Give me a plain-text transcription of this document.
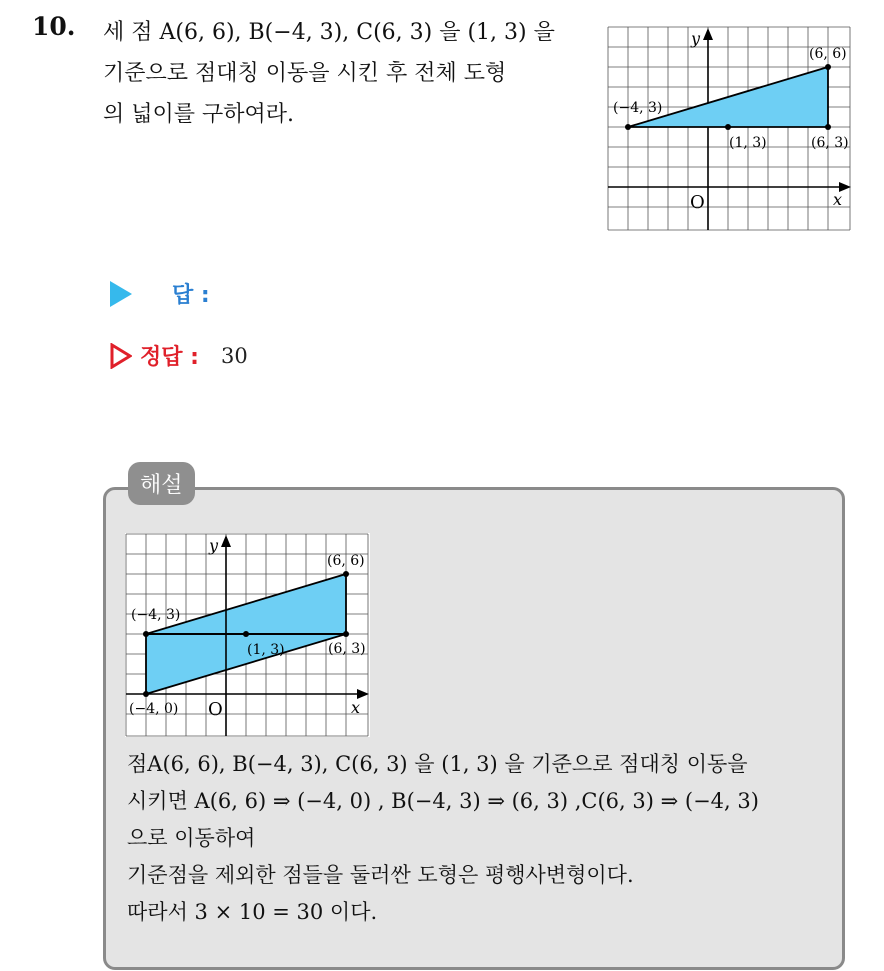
10. 세 점 A(6, 6), B(−4, 3), C(6, 3) 을 (1, 3) 을
기준으로 점대칭 이동을 시킨 후 전체 도형
의 넓이를 구하여라.
y
x
O
(6, 6)
(−4, 3)
(1, 3)	(6, 3)
답 :
정답 : 30
해설
y
x
O
(6, 6)
(−4, 3)
(1, 3)	(6, 3)
(−4, 0)
점A(6, 6), B(−4, 3), C(6, 3) 을 (1, 3) 을 기준으로 점대칭 이동을
시키면 A(6, 6) ⇒ (−4, 0) , B(−4, 3) ⇒ (6, 3) ,C(6, 3) ⇒ (−4, 3)
으로 이동하여
기준점을 제외한 점들을 둘러싼 도형은 평행사변형이다.
따라서 3 × 10 = 30 이다.
